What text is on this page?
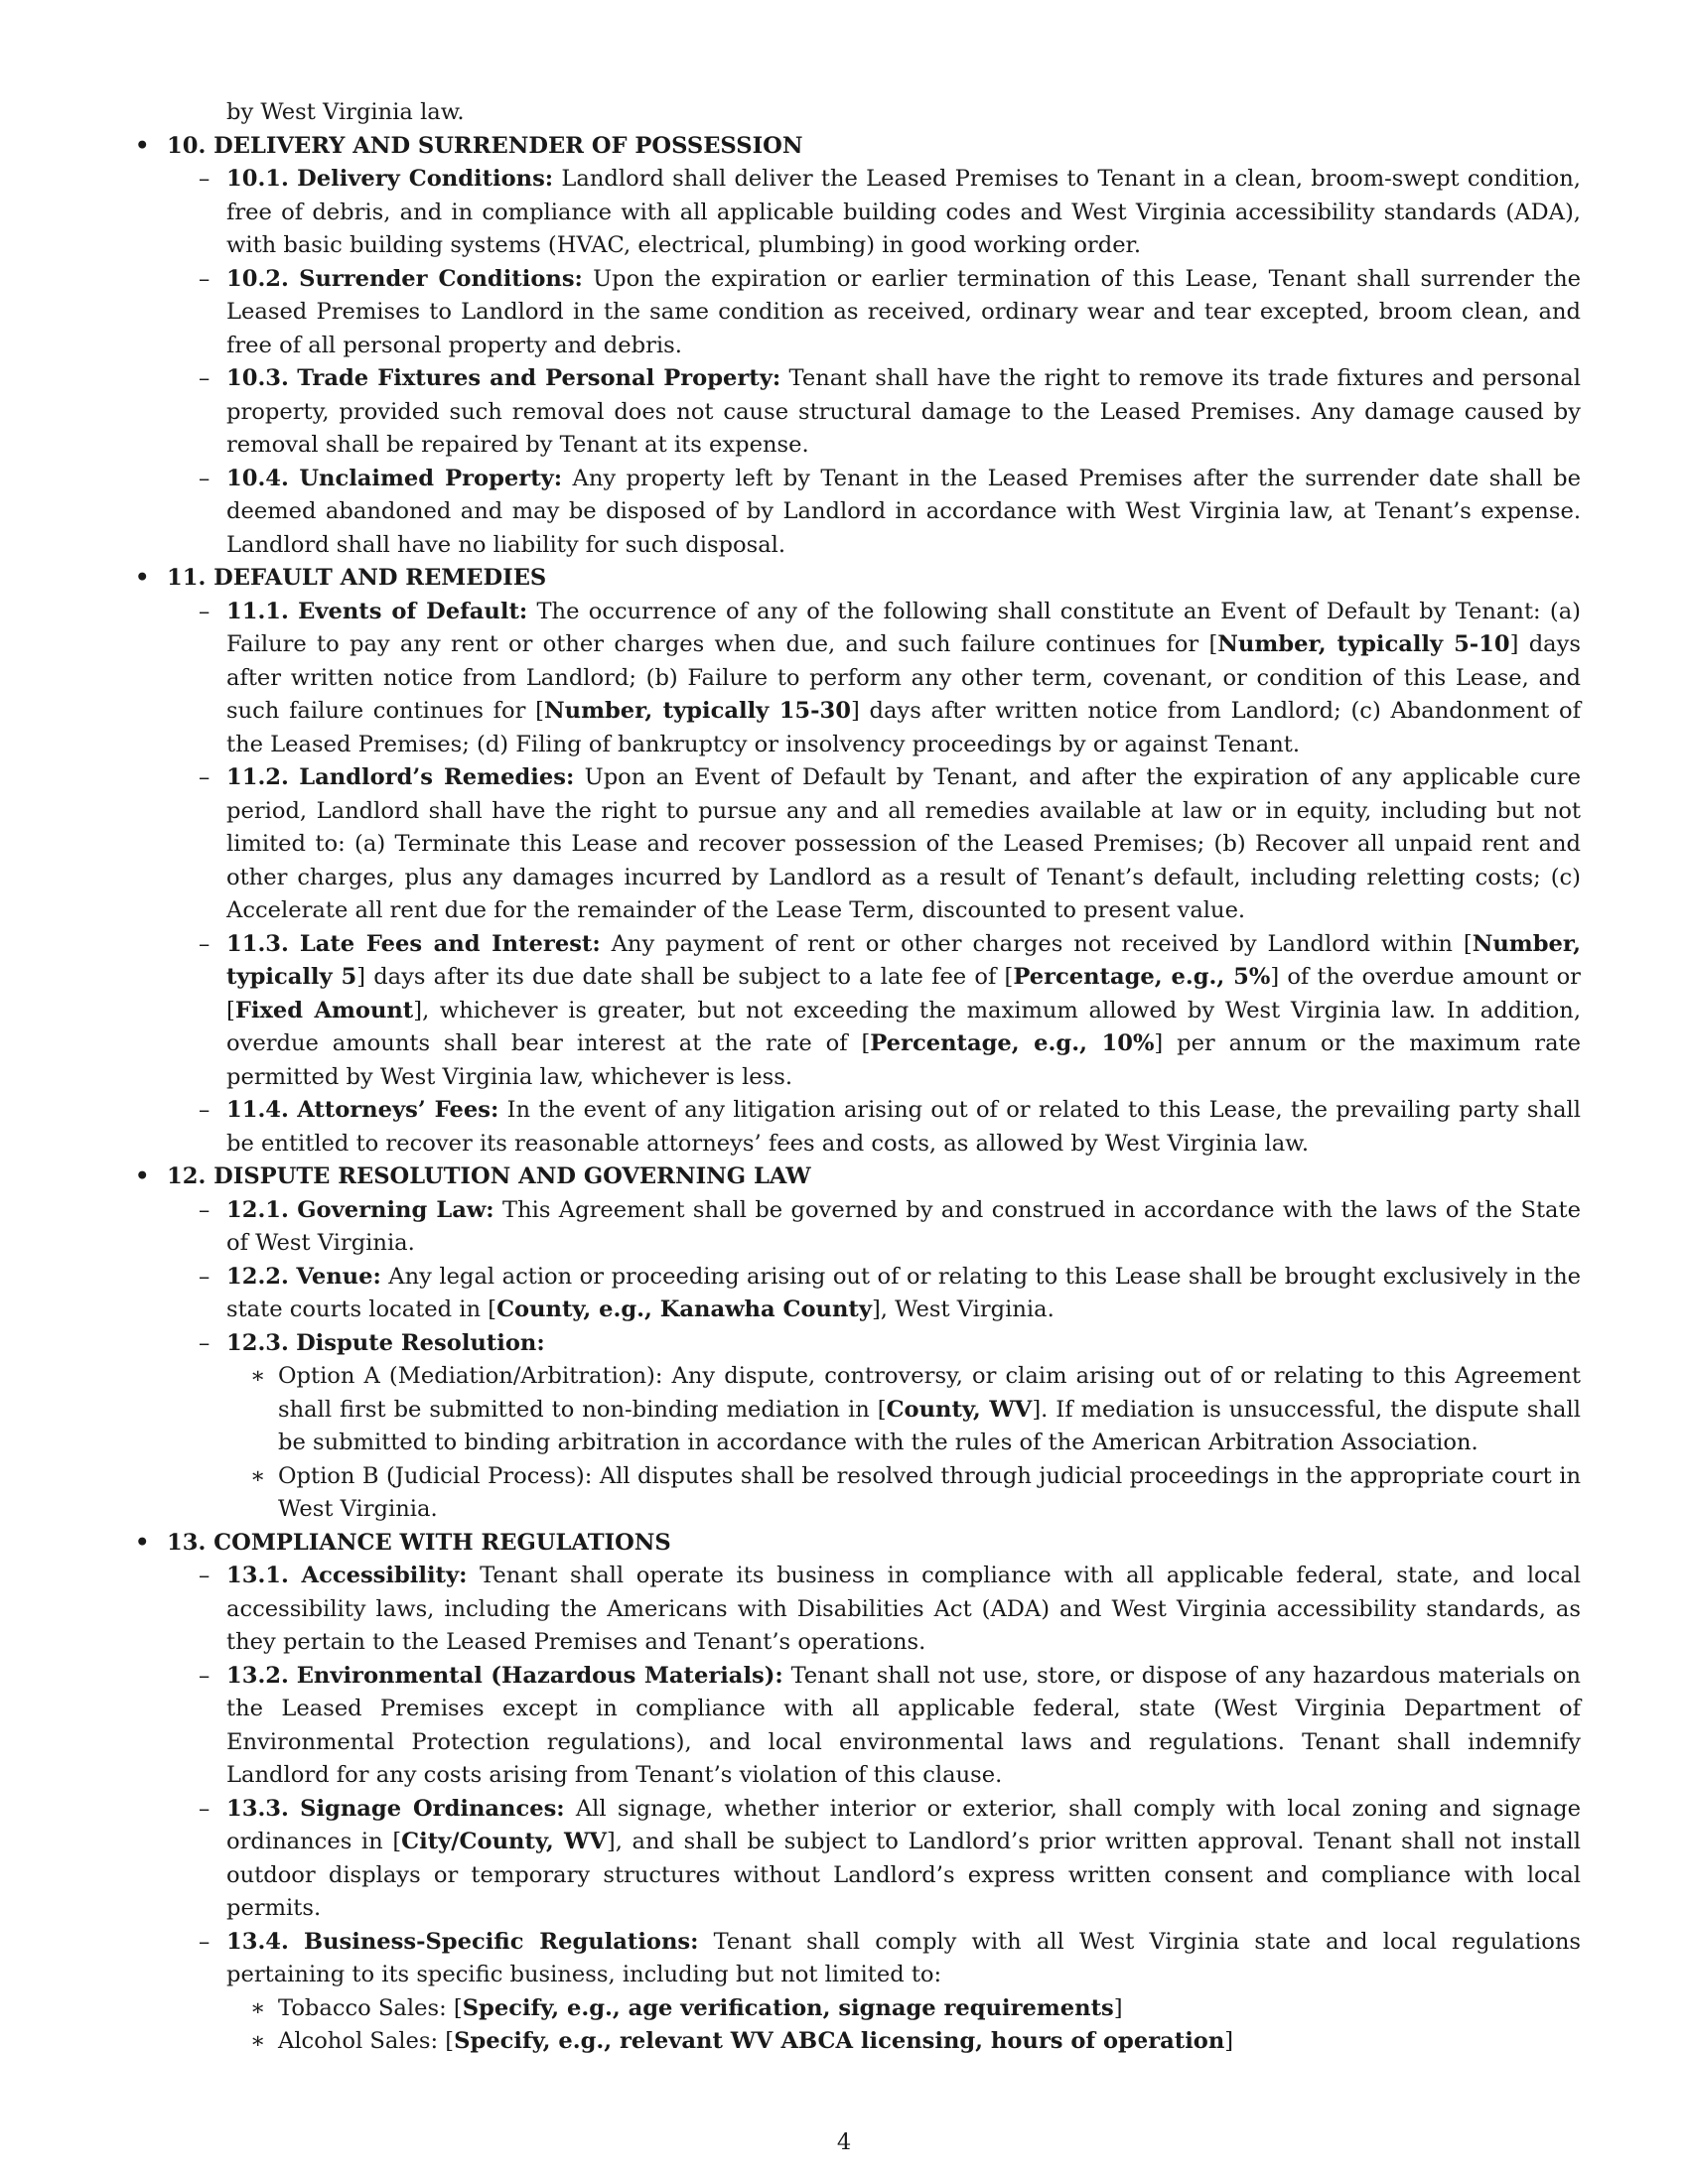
by West Virginia law.
• 10. DELIVERY AND SURRENDER OF POSSESSION
– 10.1. Delivery Conditions: Landlord shall deliver the Leased Premises to Tenant in a clean, broom-swept condition, free of debris, and in compliance with all applicable building codes and West Virginia accessibility standards (ADA), with basic building systems (HVAC, electrical, plumbing) in good working order.
– 10.2. Surrender Conditions: Upon the expiration or earlier termination of this Lease, Tenant shall surrender the Leased Premises to Landlord in the same condition as received, ordinary wear and tear excepted, broom clean, and free of all personal property and debris.
– 10.3. Trade Fixtures and Personal Property: Tenant shall have the right to remove its trade fixtures and personal property, provided such removal does not cause structural damage to the Leased Premises. Any damage caused by removal shall be repaired by Tenant at its expense.
– 10.4. Unclaimed Property: Any property left by Tenant in the Leased Premises after the surrender date shall be deemed abandoned and may be disposed of by Landlord in accordance with West Virginia law, at Tenant’s expense. Landlord shall have no liability for such disposal.
• 11. DEFAULT AND REMEDIES
– 11.1. Events of Default: The occurrence of any of the following shall constitute an Event of Default by Tenant: (a) Failure to pay any rent or other charges when due, and such failure continues for [Number, typically 5-10] days after written notice from Landlord; (b) Failure to perform any other term, covenant, or condition of this Lease, and such failure continues for [Number, typically 15-30] days after written notice from Landlord; (c) Abandonment of the Leased Premises; (d) Filing of bankruptcy or insolvency proceedings by or against Tenant.
– 11.2. Landlord’s Remedies: Upon an Event of Default by Tenant, and after the expiration of any applicable cure period, Landlord shall have the right to pursue any and all remedies available at law or in equity, including but not limited to: (a) Terminate this Lease and recover possession of the Leased Premises; (b) Recover all unpaid rent and other charges, plus any damages incurred by Landlord as a result of Tenant’s default, including reletting costs; (c) Accelerate all rent due for the remainder of the Lease Term, discounted to present value.
– 11.3. Late Fees and Interest: Any payment of rent or other charges not received by Landlord within [Number, typically 5] days after its due date shall be subject to a late fee of [Percentage, e.g., 5%] of the overdue amount or [Fixed Amount], whichever is greater, but not exceeding the maximum allowed by West Virginia law. In addition, overdue amounts shall bear interest at the rate of [Percentage, e.g., 10%] per annum or the maximum rate permitted by West Virginia law, whichever is less.
– 11.4. Attorneys’ Fees: In the event of any litigation arising out of or related to this Lease, the prevailing party shall be entitled to recover its reasonable attorneys’ fees and costs, as allowed by West Virginia law.
• 12. DISPUTE RESOLUTION AND GOVERNING LAW
– 12.1. Governing Law: This Agreement shall be governed by and construed in accordance with the laws of the State of West Virginia.
– 12.2. Venue: Any legal action or proceeding arising out of or relating to this Lease shall be brought exclusively in the state courts located in [County, e.g., Kanawha County], West Virginia.
– 12.3. Dispute Resolution:
∗ Option A (Mediation/Arbitration): Any dispute, controversy, or claim arising out of or relating to this Agreement shall first be submitted to non-binding mediation in [County, WV]. If mediation is unsuccessful, the dispute shall be submitted to binding arbitration in accordance with the rules of the American Arbitration Association.
∗ Option B (Judicial Process): All disputes shall be resolved through judicial proceedings in the appropriate court in West Virginia.
• 13. COMPLIANCE WITH REGULATIONS
– 13.1. Accessibility: Tenant shall operate its business in compliance with all applicable federal, state, and local accessibility laws, including the Americans with Disabilities Act (ADA) and West Virginia accessibility standards, as they pertain to the Leased Premises and Tenant’s operations.
– 13.2. Environmental (Hazardous Materials): Tenant shall not use, store, or dispose of any hazardous materials on the Leased Premises except in compliance with all applicable federal, state (West Virginia Department of Environmental Protection regulations), and local environmental laws and regulations. Tenant shall indemnify Landlord for any costs arising from Tenant’s violation of this clause.
– 13.3. Signage Ordinances: All signage, whether interior or exterior, shall comply with local zoning and signage ordinances in [City/County, WV], and shall be subject to Landlord’s prior written approval. Tenant shall not install outdoor displays or temporary structures without Landlord’s express written consent and compliance with local permits.
– 13.4. Business-Specific Regulations: Tenant shall comply with all West Virginia state and local regulations pertaining to its specific business, including but not limited to:
∗ Tobacco Sales: [Specify, e.g., age verification, signage requirements]
∗ Alcohol Sales: [Specify, e.g., relevant WV ABCA licensing, hours of operation]
4
